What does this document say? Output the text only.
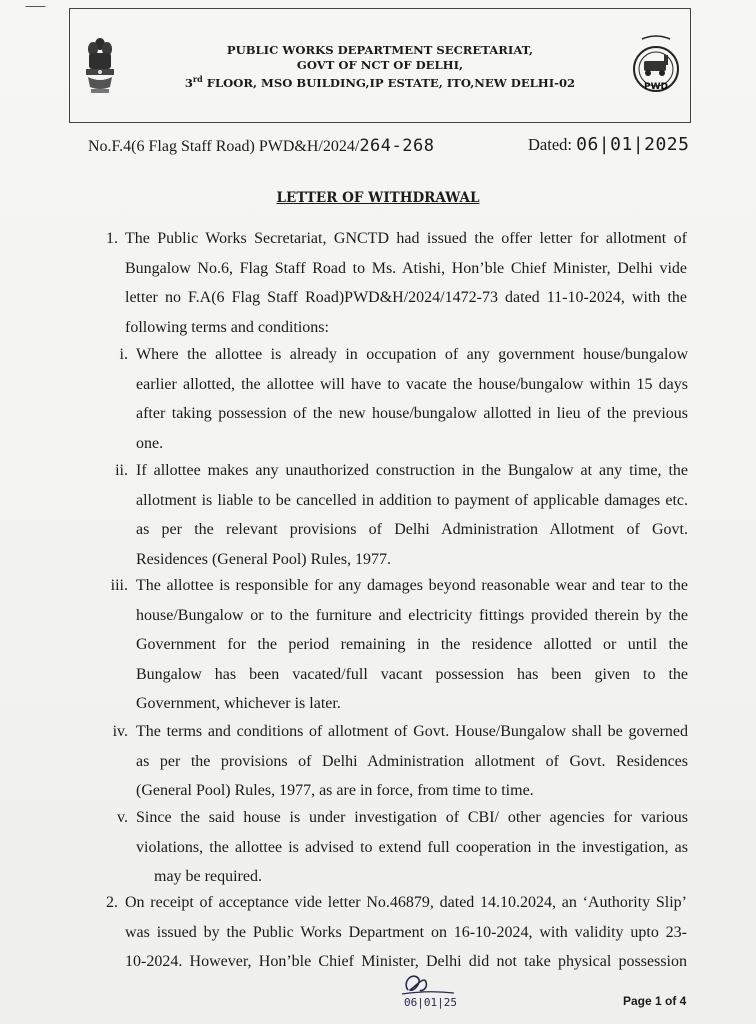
PUBLIC WORKS DEPARTMENT SECRETARIAT,
GOVT OF NCT OF DELHI,
3rd FLOOR, MSO BUILDING,IP ESTATE, ITO,NEW DELHI-02	PWD
No.F.4(6 Flag Staff Road) PWD&H/2024/264-268	Dated: 06|01|2025
LETTER OF WITHDRAWAL
1. The Public Works Secretariat, GNCTD had issued the offer letter for allotment of
Bungalow No.6, Flag Staff Road to Ms. Atishi, Hon’ble Chief Minister, Delhi vide
letter no F.A(6 Flag Staff Road)PWD&H/2024/1472-73 dated 11-10-2024, with the
following terms and conditions:
i. Where the allottee is already in occupation of any government house/bungalow
earlier allotted, the allottee will have to vacate the house/bungalow within 15 days
after taking possession of the new house/bungalow allotted in lieu of the previous
one.
ii. If allottee makes any unauthorized construction in the Bungalow at any time, the
allotment is liable to be cancelled in addition to payment of applicable damages etc.
as per the relevant provisions of Delhi Administration Allotment of Govt.
Residences (General Pool) Rules, 1977.
iii. The allottee is responsible for any damages beyond reasonable wear and tear to the
house/Bungalow or to the furniture and electricity fittings provided therein by the
Government for the period remaining in the residence allotted or until the
Bungalow has been vacated/full vacant possession has been given to the
Government, whichever is later.
iv. The terms and conditions of allotment of Govt. House/Bungalow shall be governed
as per the provisions of Delhi Administration allotment of Govt. Residences
(General Pool) Rules, 1977, as are in force, from time to time.
v. Since the said house is under investigation of CBI/ other agencies for various
violations, the allottee is advised to extend full cooperation in the investigation, as
may be required.
2. On receipt of acceptance vide letter No.46879, dated 14.10.2024, an ‘Authority Slip’
was issued by the Public Works Department on 16-10-2024, with validity upto 23-
10-2024. However, Hon’ble Chief Minister, Delhi did not take physical possession
06|01|25	Page 1 of 4
